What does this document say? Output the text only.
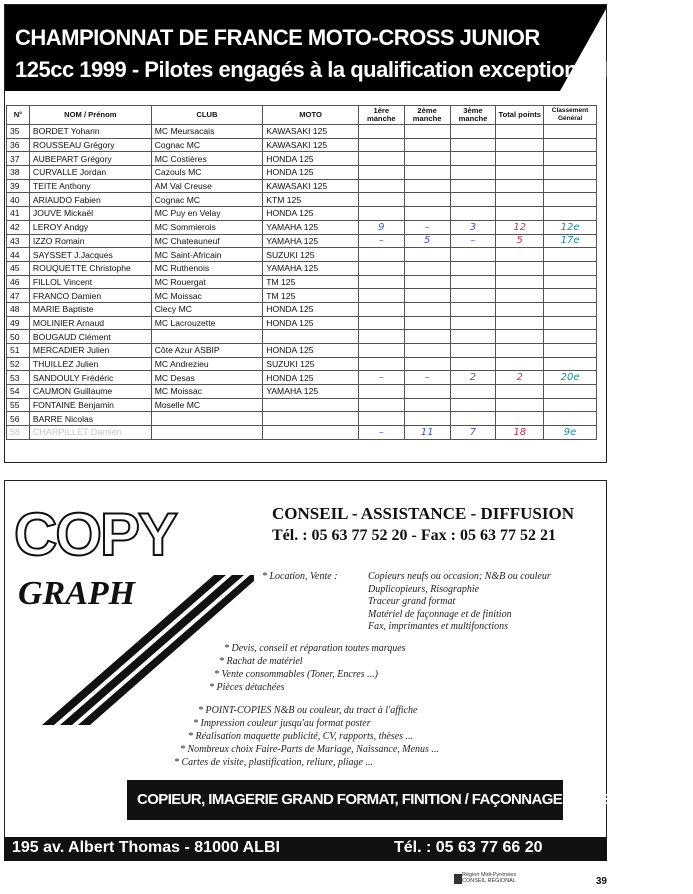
CHAMPIONNAT DE FRANCE MOTO-CROSS JUNIOR
125cc 1999 - Pilotes engagés à la qualification exceptionnelle.
N°	NOM / Prénom	CLUB	MOTO	1ère manche	2ème manche	3ème manche	Total points	Classement Général
35	BORDET Yohann	MC Meursacais	KAWASAKI 125					
36	ROUSSEAU Grégory	Cognac MC	KAWASAKI 125					
37	AUBEPART Grégory	MC Costières	HONDA 125					
38	CURVALLE Jordan	Cazouls MC	HONDA 125					
39	TEITE Anthony	AM Val Creuse	KAWASAKI 125					
40	ARIAUDO Fabien	Cognac MC	KTM 125					
41	JOUVE Mickaël	MC Puy en Velay	HONDA 125					
42	LEROY Andgy	MC Sommierois	YAMAHA 125	9	–	3	12	12e
43	IZZO Romain	MC Chateauneuf	YAMAHA 125	–	5	–	5	17e
44	SAYSSET J.Jacques	MC Saint-Africain	SUZUKI 125					
45	ROUQUETTE Christophe	MC Ruthenois	YAMAHA 125					
46	FILLOL Vincent	MC Rouergat	TM 125					
47	FRANCO Damien	MC Moissac	TM 125					
48	MARIE Baptiste	Clecy MC	HONDA 125					
49	MOLINIER Arnaud	MC Lacrouzette	HONDA 125					
50	BOUGAUD Clément							
51	MERCADIER Julien	Côte Azur ASBIP	HONDA 125					
52	THUILLEZ Julien	MC Andrezieu	SUZUKI 125					
53	SANDOULY Frédéric	MC Desas	HONDA 125	–	–	2	2	20e
54	CAUMON Guillaume	MC Moissac	YAMAHA 125					
55	FONTAINE Benjamin	Moselle MC						
56	BARRE Nicolas							
58	CHARPILLET Damien			–	11	7	18	9e
COPY
GRAPH
CONSEIL - ASSISTANCE - DIFFUSION
Tél. : 05 63 77 52 20 - Fax : 05 63 77 52 21
* Location, Vente :	Copieurs neufs ou occasion; N&B ou couleur
Duplicopieurs, Risographie
Traceur grand format
Matériel de façonnage et de finition
Fax, imprimantes et multifonctions
* Devis, conseil et réparation toutes marques
* Rachat de matériel
* Vente consommables (Toner, Encres ...)
* Pièces détachées
* POINT-COPIES N&B ou couleur, du tract à l'affiche
* Impression couleur jusqu'au format poster
* Réalisation maquette publicité, CV, rapports, thèses ...
* Nombreux choix Faire-Parts de Mariage, Naissance, Menus ...
* Cartes de visite, plastification, reliure, pliage ...
COPIEUR, IMAGERIE GRAND FORMAT, FINITION / FAÇONNAGE, CONSOMMABLES
195 av. Albert Thomas - 81000 ALBI	Tél. : 05 63 77 66 20
Région Midi-Pyrénées
CONSEIL RÉGIONAL	39
